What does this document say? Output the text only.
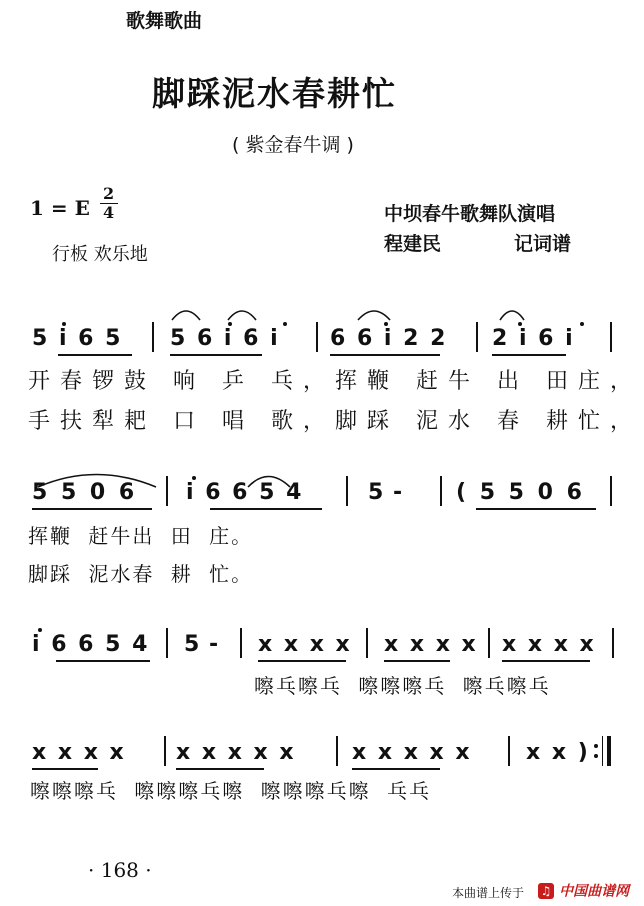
歌舞歌曲
脚踩泥水春耕忙
( 紫金春牛调 )
1 = E
2
4
行板 欢乐地
中坝春牛歌舞队演唱
程建民	记词谱
5 i 6 5 5 6 i 6 i 6 6 i 2 2 2 i 6 i
开春锣鼓 响 乒 乓，挥鞭 赶牛 出 田庄，
手扶犁耙 口 唱 歌，脚踩 泥水 春 耕忙，
5 5 0 6 i 6 6 5 4	5 - ( 5 5 0 6
挥鞭 赶牛出 田 庄。
脚踩 泥水春 耕 忙。
i 6 6 5 4 5 - x x x x x x x x x x x x
嚓乓嚓乓 嚓嚓嚓乓 嚓乓嚓乓
x x x x x x x x x	x x x x x	x x )
嚓嚓嚓乓 嚓嚓嚓乓嚓 嚓嚓嚓乓嚓 乓乓
· 168 ·
本曲谱上传于 ♫ 中国曲谱网
